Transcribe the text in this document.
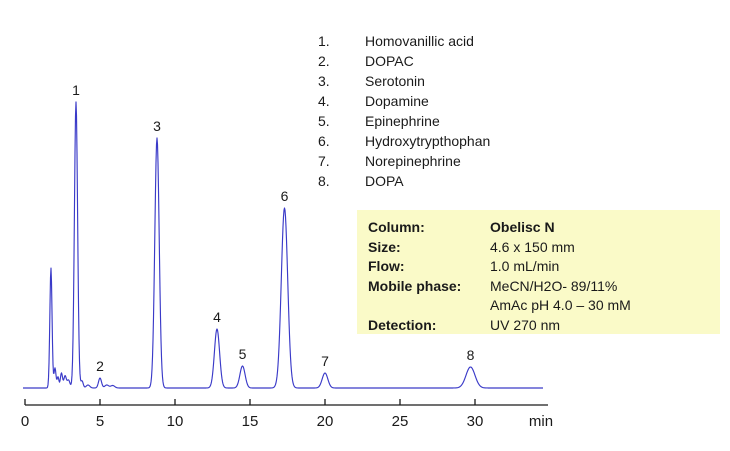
0	5	10	15	20	25	30	min
1
2
3
4
5
6
7	8
1.	Homovanillic acid
2.	DOPAC
3.	Serotonin
4.	Dopamine
5.	Epinephrine
6.	Hydroxytrypthophan
7.	Norepinephrine
8.	DOPA
Column:	Obelisc N
Size:	4.6 x 150 mm
Flow:	1.0 mL/min
Mobile phase: MeCN/H2O- 89/11%
AmAc pH 4.0 – 30 mM
Detection:	UV 270 nm
